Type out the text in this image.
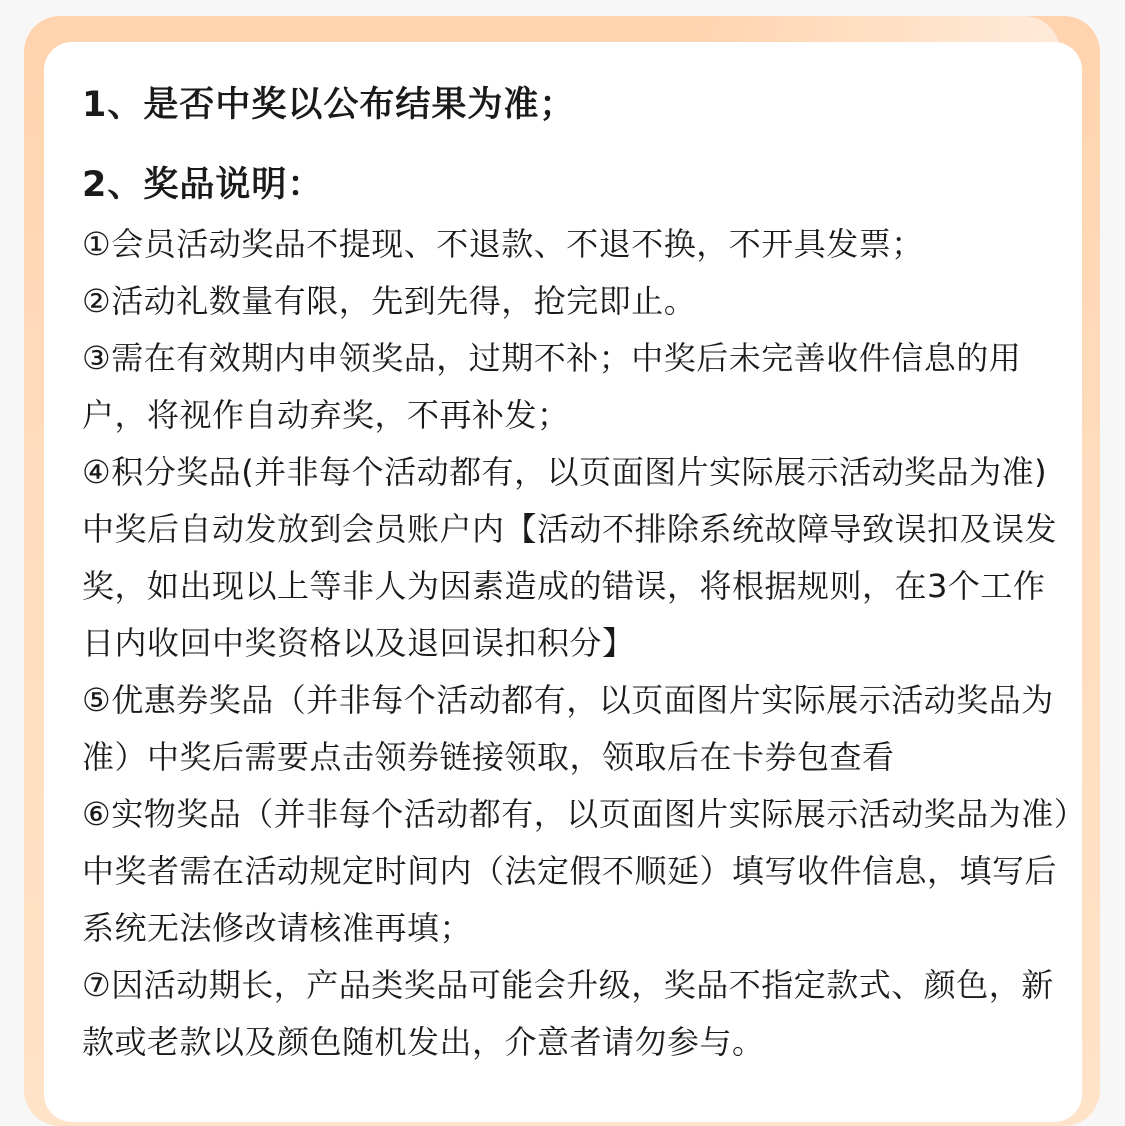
1、是否中奖以公布结果为准；

2、奖品说明：

①会员活动奖品不提现、不退款、不退不换，不开具发票；
②活动礼数量有限，先到先得，抢完即止。
③需在有效期内申领奖品，过期不补；中奖后未完善收件信息的用户，将视作自动弃奖，不再补发；
④积分奖品(并非每个活动都有，以页面图片实际展示活动奖品为准)中奖后自动发放到会员账户内【活动不排除系统故障导致误扣及误发奖，如出现以上等非人为因素造成的错误，将根据规则，在3个工作日内收回中奖资格以及退回误扣积分】
⑤优惠券奖品（并非每个活动都有，以页面图片实际展示活动奖品为准）中奖后需要点击领券链接领取，领取后在卡券包查看
⑥实物奖品（并非每个活动都有，以页面图片实际展示活动奖品为准）中奖者需在活动规定时间内（法定假不顺延）填写收件信息，填写后系统无法修改请核准再填；
⑦因活动期长，产品类奖品可能会升级，奖品不指定款式、颜色，新款或老款以及颜色随机发出，介意者请勿参与。
